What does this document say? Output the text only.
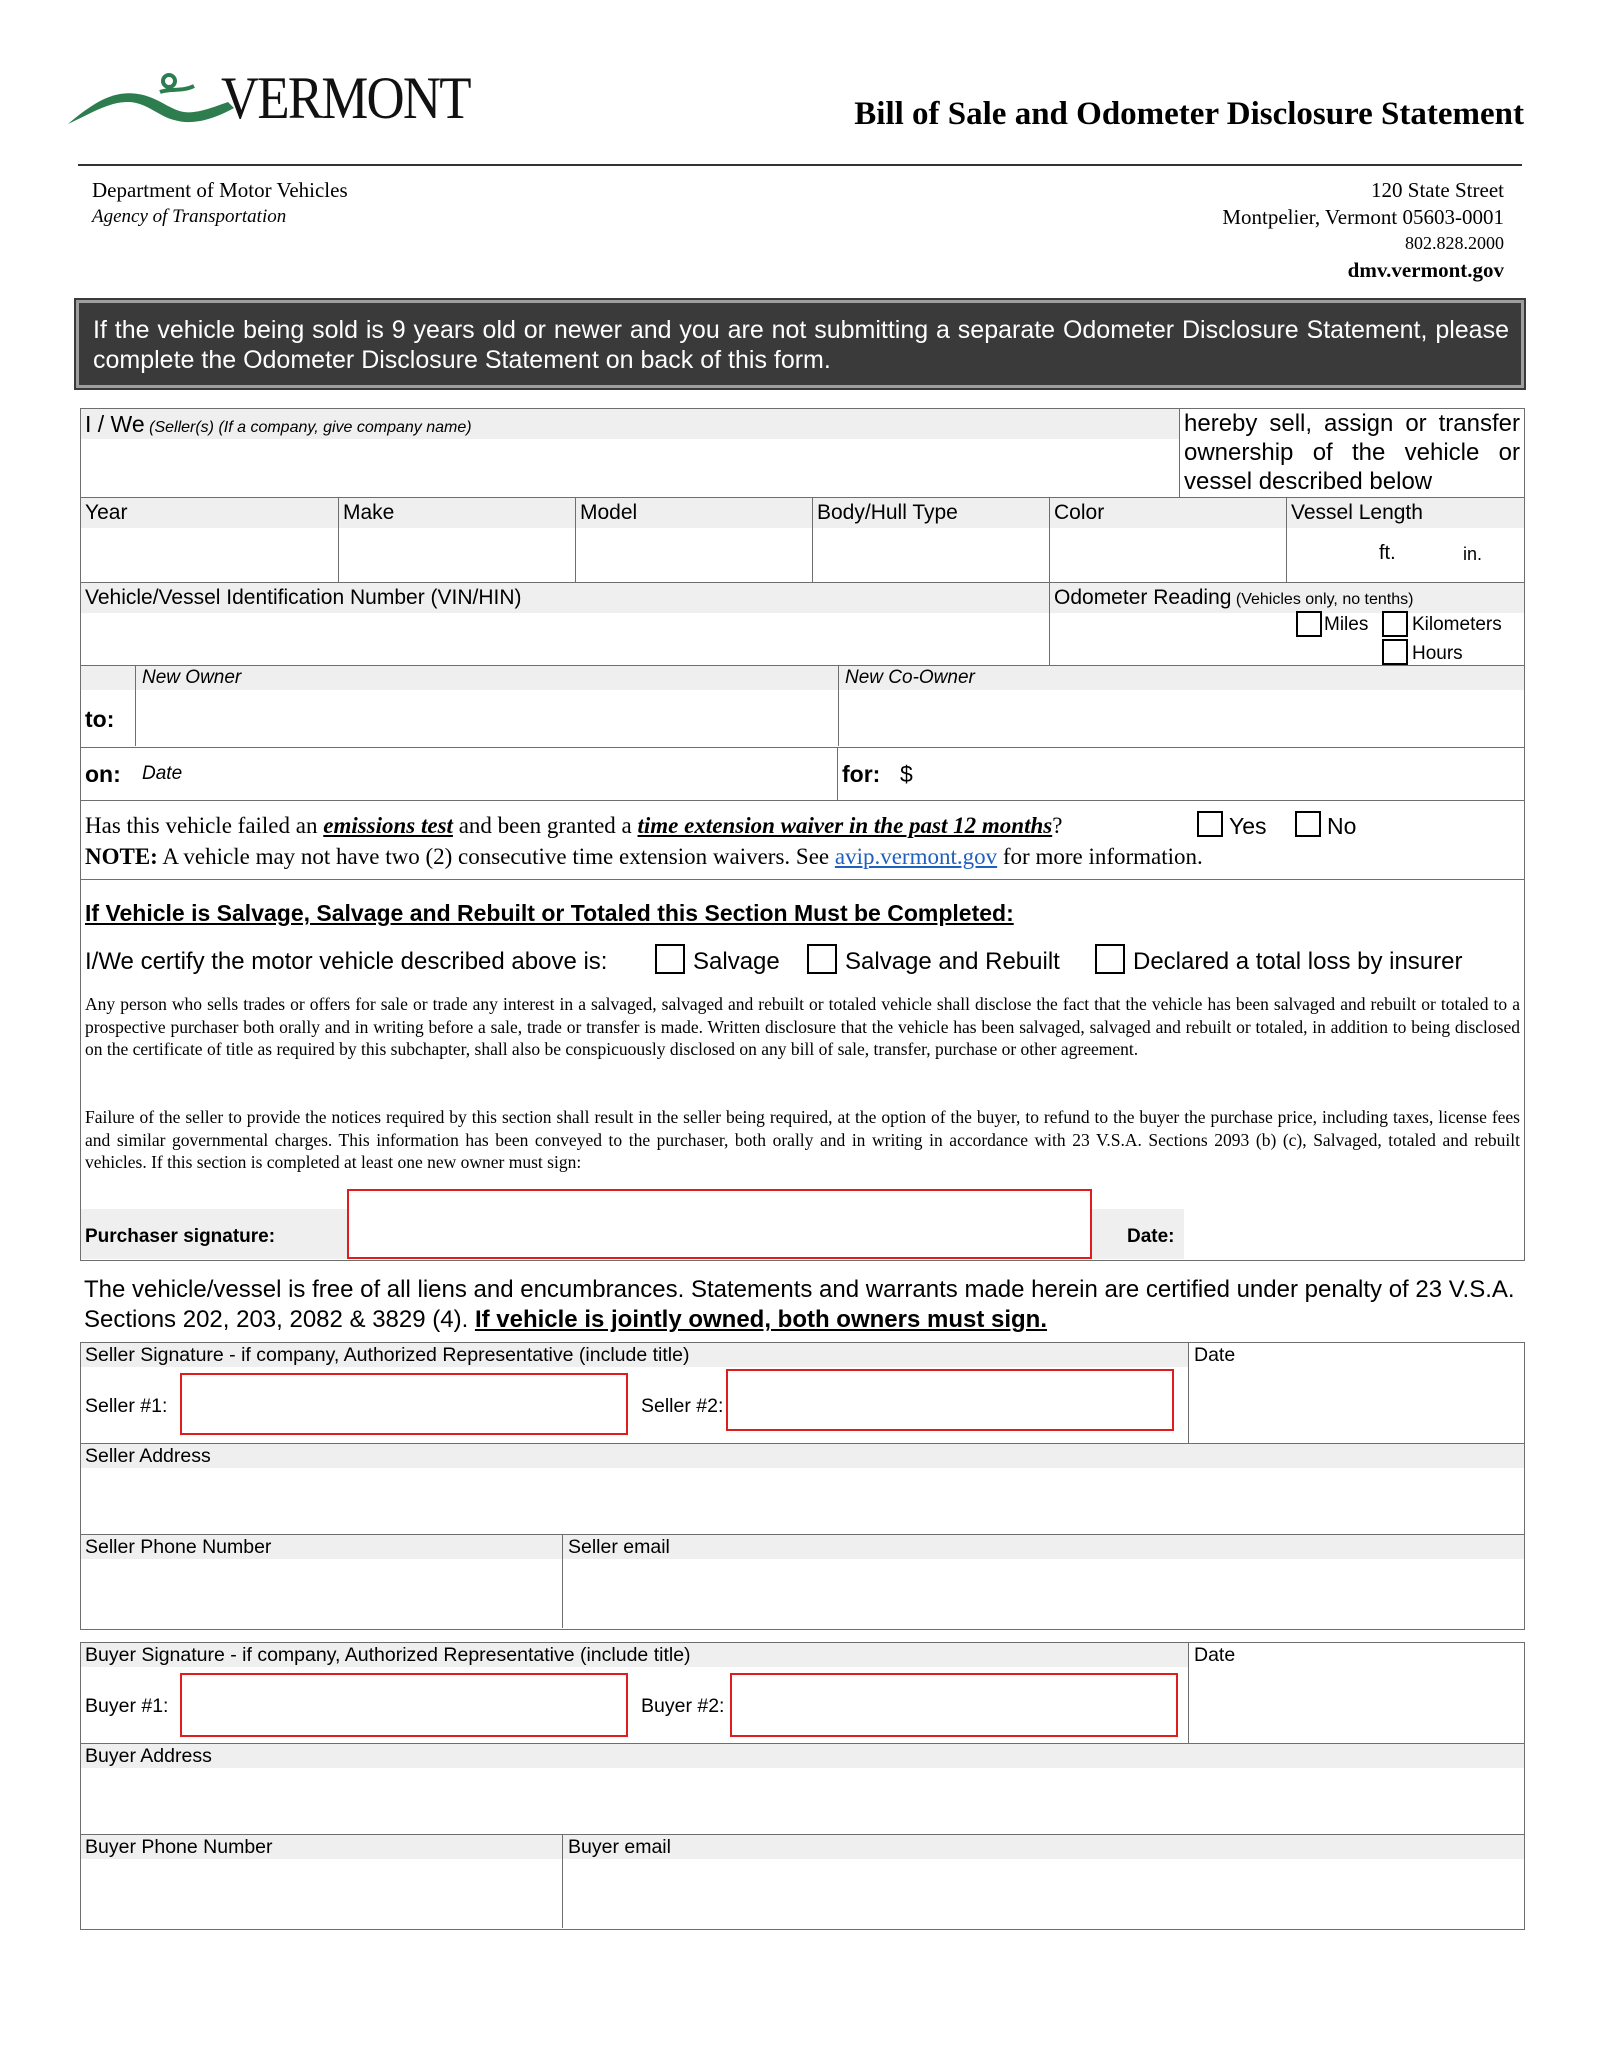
VERMONT	Bill of Sale and Odometer Disclosure Statement
Department of Motor Vehicles
Agency of Transportation
120 State Street
Montpelier, Vermont 05603-0001
802.828.2000
dmv.vermont.gov
If the vehicle being sold is 9 years old or newer and you are not submitting a separate Odometer Disclosure Statement, please complete the Odometer Disclosure Statement on back of this form.
I / We (Seller(s) (If a company, give company name)	hereby sell, assign or transfer ownership of the vehicle or vessel described below
Year	Make	Model	Body/Hull Type	Color	Vessel Length
ft.	in.
Vehicle/Vessel Identification Number (VIN/HIN)	Odometer Reading (Vehicles only, no tenths)
Miles Kilometers
Hours
to:
New Owner	New Co-Owner
on: Date	for: $
Has this vehicle failed an emissions test and been granted a time extension waiver in the past 12 months?	Yes	No
NOTE: A vehicle may not have two (2) consecutive time extension waivers. See avip.vermont.gov for more information.
If Vehicle is Salvage, Salvage and Rebuilt or Totaled this Section Must be Completed:
I/We certify the motor vehicle described above is:	Salvage	Salvage and Rebuilt	Declared a total loss by insurer
Any person who sells trades or offers for sale or trade any interest in a salvaged, salvaged and rebuilt or totaled vehicle shall disclose the fact that the vehicle has been salvaged and rebuilt or totaled to a prospective purchaser both orally and in writing before a sale, trade or transfer is made. Written disclosure that the vehicle has been salvaged, salvaged and rebuilt or totaled, in addition to being disclosed on the certificate of title as required by this subchapter, shall also be conspicuously disclosed on any bill of sale, transfer, purchase or other agreement.
Failure of the seller to provide the notices required by this section shall result in the seller being required, at the option of the buyer, to refund to the buyer the purchase price, including taxes, license fees and similar governmental charges. This information has been conveyed to the purchaser, both orally and in writing in accordance with 23 V.S.A. Sections 2093 (b) (c), Salvaged, totaled and rebuilt vehicles. If this section is completed at least one new owner must sign:
Purchaser signature:	Date:
The vehicle/vessel is free of all liens and encumbrances. Statements and warrants made herein are certified under penalty of 23 V.S.A. Sections 202, 203, 2082 & 3829 (4). If vehicle is jointly owned, both owners must sign.
Seller Signature - if company, Authorized Representative (include title)	Date
Seller #1:	Seller #2:
Seller Address
Seller Phone Number	Seller email
Buyer Signature - if company, Authorized Representative (include title)	Date
Buyer #1:	Buyer #2:
Buyer Address
Buyer Phone Number	Buyer email
